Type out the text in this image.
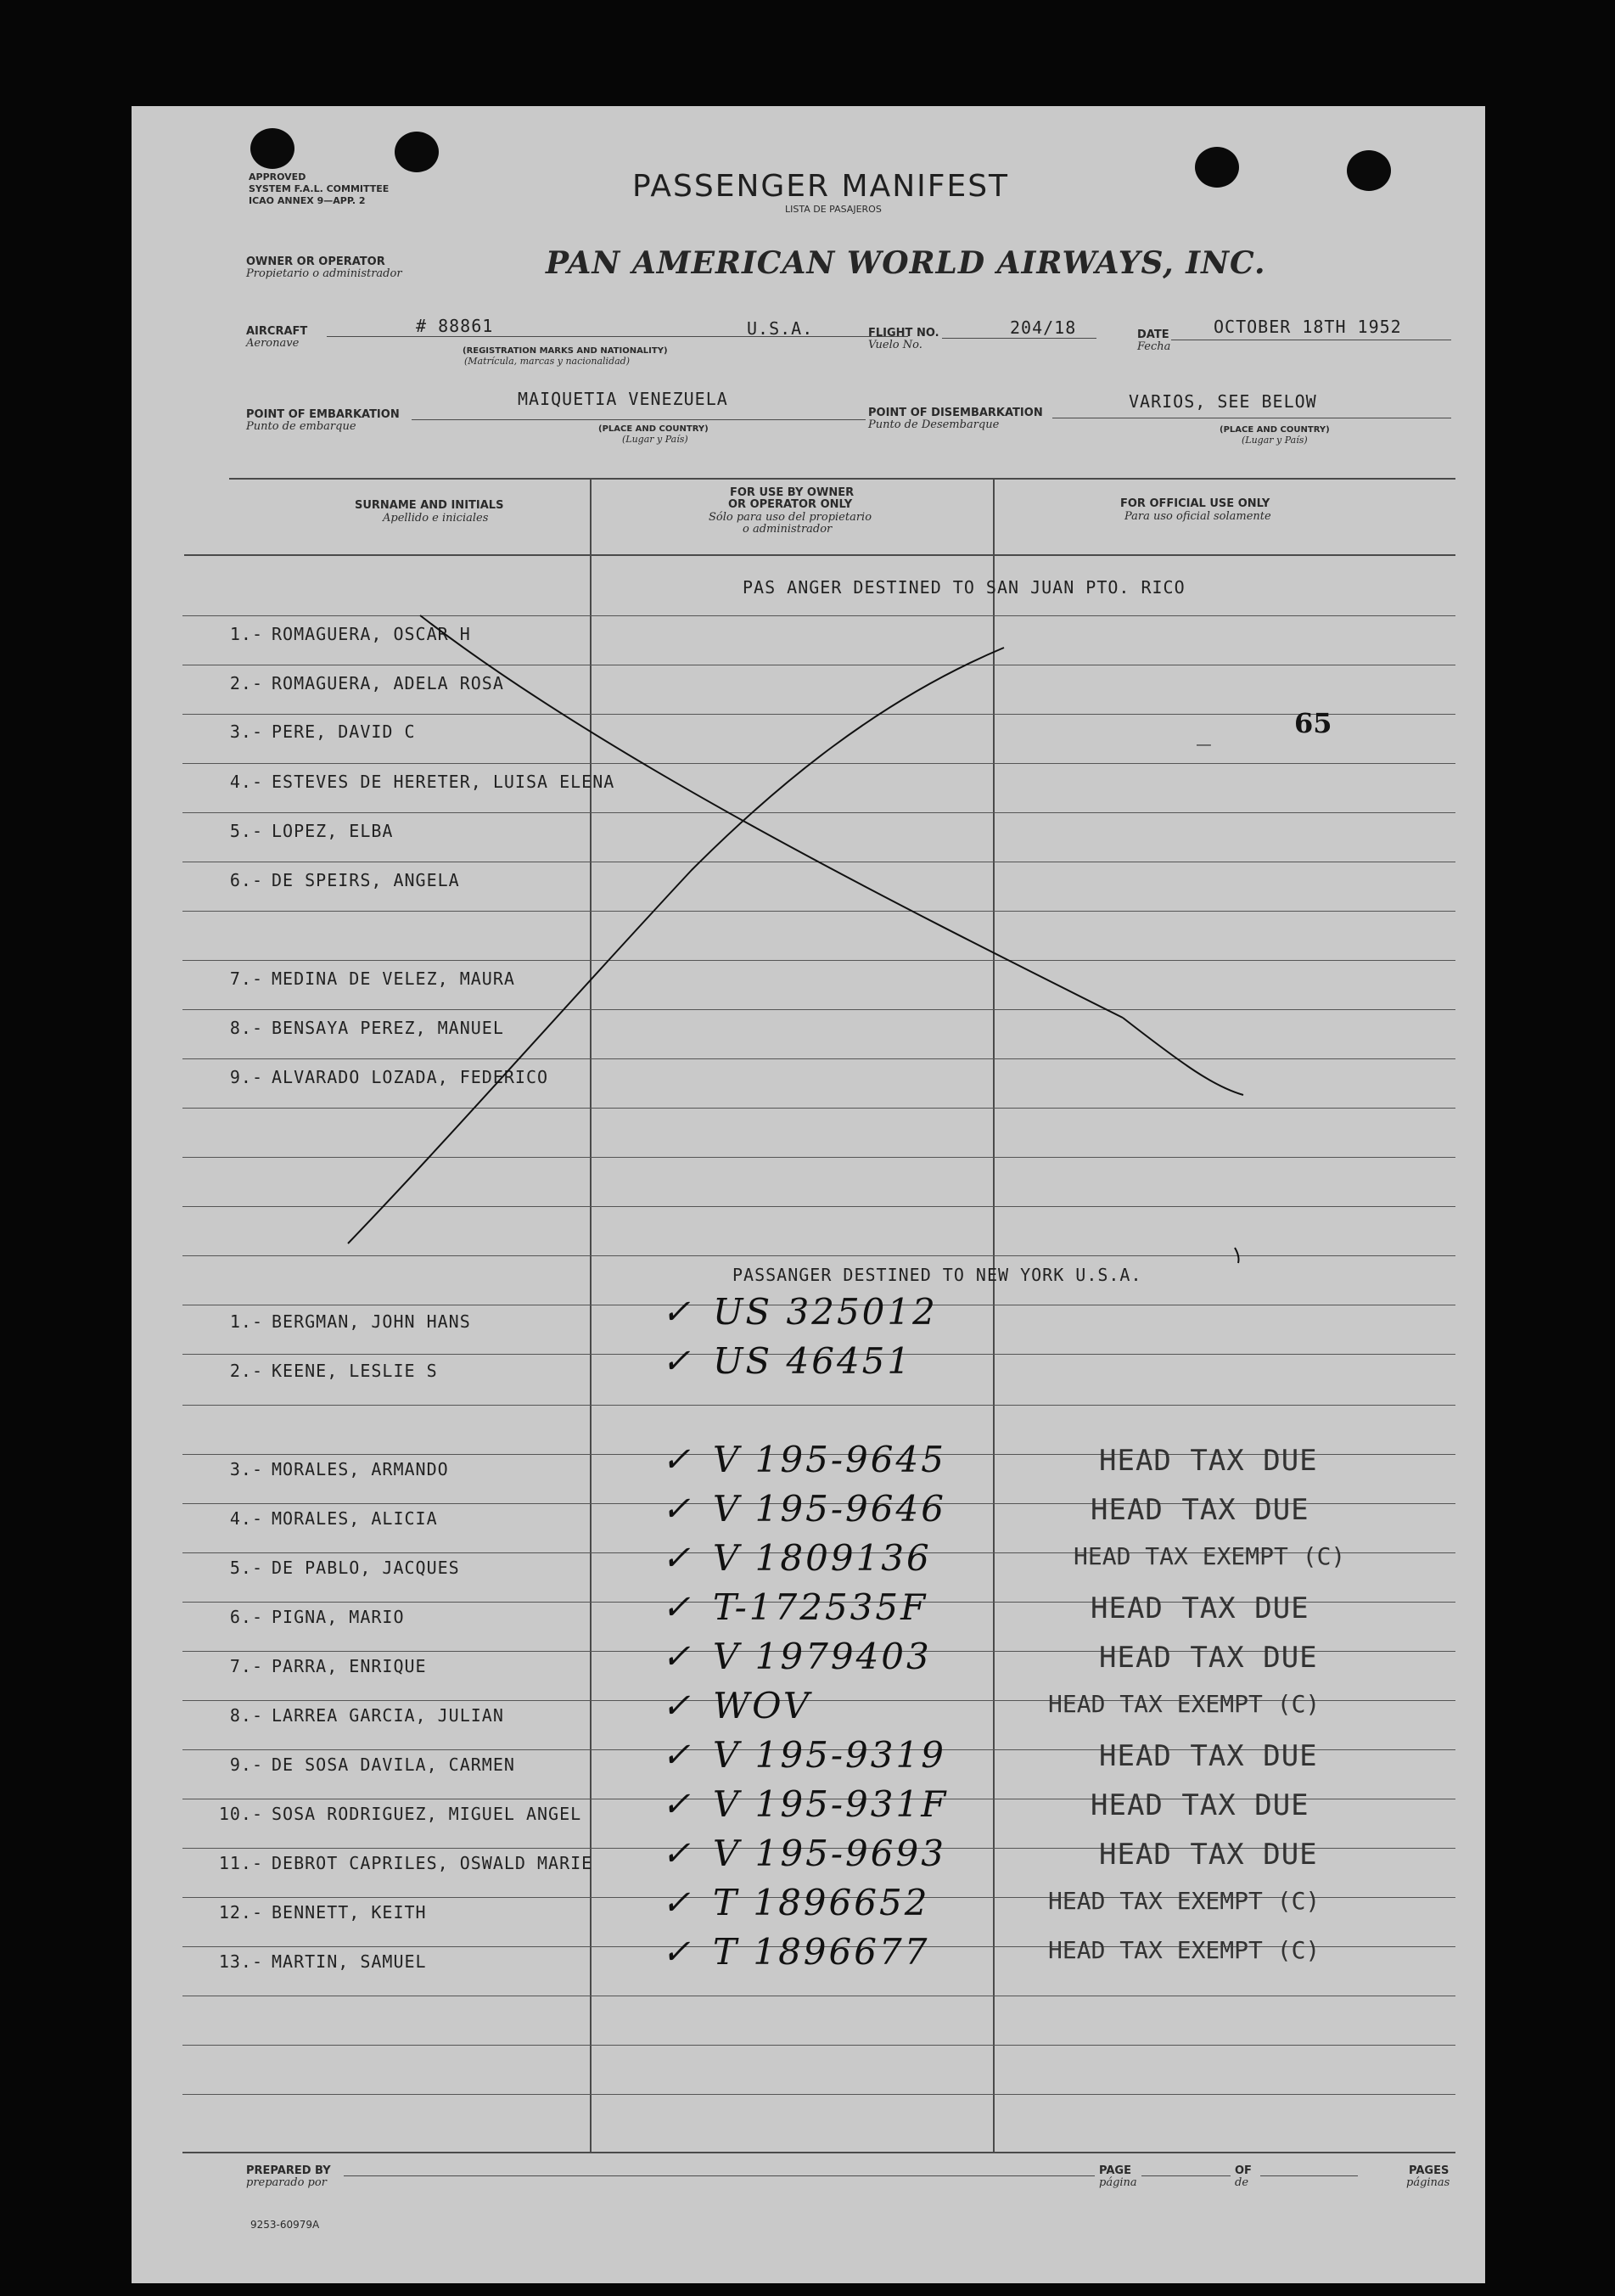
APPROVED
SYSTEM F.A.L. COMMITTEE
ICAO ANNEX 9—APP. 2	PASSENGER MANIFEST
LISTA DE PASAJEROS
OWNER OR OPERATOR
Propietario o administrador	PAN AMERICAN WORLD AIRWAYS, INC.
AIRCRAFT
Aeronave
# 88861	U.S.A.
(REGISTRATION MARKS AND NATIONALITY)
(Matrícula, marcas y nacionalidad)
FLIGHT NO.
Vuelo No.
204/18	DATE
Fecha
OCTOBER 18TH 1952
POINT OF EMBARKATION
Punto de embarque
MAIQUETIA VENEZUELA
(PLACE AND COUNTRY)
(Lugar y País)
POINT OF DISEMBARKATION
Punto de Desembarque
VARIOS, SEE BELOW
(PLACE AND COUNTRY)
(Lugar y País)
SURNAME AND INITIALS
Apellido e iniciales
FOR USE BY OWNER
OR OPERATOR ONLY
Sólo para uso del propietario
o administrador
FOR OFFICIAL USE ONLY
Para uso oficial solamente
PAS ANGER DESTINED TO SAN JUAN PTO. RICO
1.- ROMAGUERA, OSCAR H
2.- ROMAGUERA, ADELA ROSA
3.- PERE, DAVID C
4.- ESTEVES DE HERETER, LUISA ELENA
5.- LOPEZ, ELBA
6.- DE SPEIRS, ANGELA
7.- MEDINA DE VELEZ, MAURA
8.- BENSAYA PEREZ, MANUEL
9.- ALVARADO LOZADA, FEDERICO
_	65
PASSANGER DESTINED TO NEW YORK U.S.A.
1.- BERGMAN, JOHN HANS	✓ US 325012
2.- KEENE, LESLIE S	✓ US 46451
3.- MORALES, ARMANDO	✓ V 195-9645	HEAD TAX DUE
4.- MORALES, ALICIA	✓ V 195-9646	HEAD TAX DUE
5.- DE PABLO, JACQUES	✓ V 1809136	HEAD TAX EXEMPT (C)
6.- PIGNA, MARIO	✓ T-172535F	HEAD TAX DUE
7.- PARRA, ENRIQUE	✓ V 1979403	HEAD TAX DUE
8.- LARREA GARCIA, JULIAN	✓ WOV	HEAD TAX EXEMPT (C)
9.- DE SOSA DAVILA, CARMEN	✓ V 195-9319	HEAD TAX DUE
10.- SOSA RODRIGUEZ, MIGUEL ANGEL ✓ V 195-931F	HEAD TAX DUE
11.- DEBROT CAPRILES, OSWALD MARIE ✓ V 195-9693	HEAD TAX DUE
12.- BENNETT, KEITH	✓ T 1896652	HEAD TAX EXEMPT (C)
13.- MARTIN, SAMUEL	✓ T 1896677	HEAD TAX EXEMPT (C)
PREPARED BY
preparado por
PAGE
página
OF
de
PAGES
páginas
9253-60979A
